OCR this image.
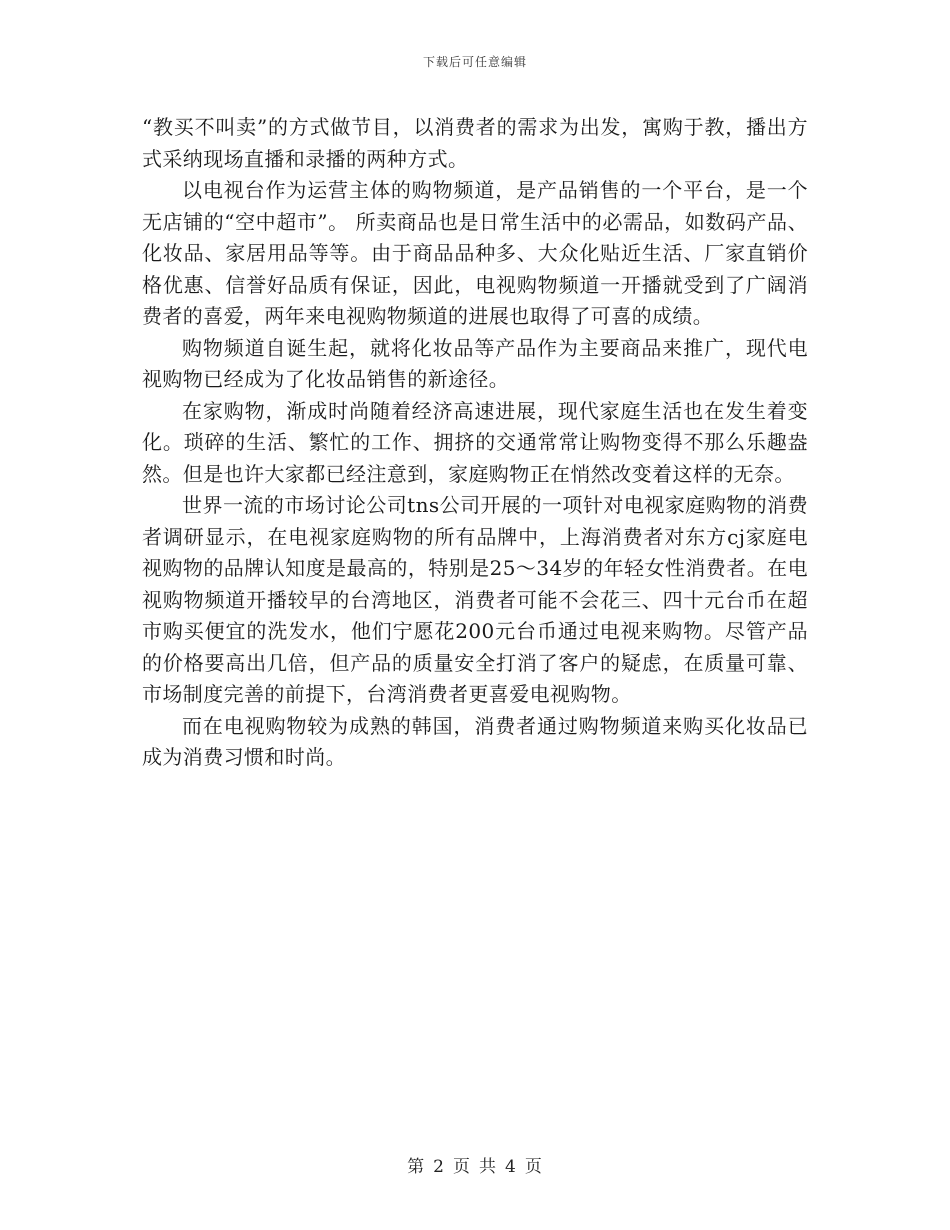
下载后可任意编辑

“教买不叫卖”的方式做节目，以消费者的需求为出发，寓购于教，播出方式采纳现场直播和录播的两种方式。

以电视台作为运营主体的购物频道，是产品销售的一个平台，是一个无店铺的“空中超市”。 所卖商品也是日常生活中的必需品，如数码产品、化妆品、家居用品等等。由于商品品种多、大众化贴近生活、厂家直销价格优惠、信誉好品质有保证，因此，电视购物频道一开播就受到了广阔消费者的喜爱，两年来电视购物频道的进展也取得了可喜的成绩。

购物频道自诞生起，就将化妆品等产品作为主要商品来推广，现代电视购物已经成为了化妆品销售的新途径。

在家购物，渐成时尚随着经济高速进展，现代家庭生活也在发生着变化。琐碎的生活、繁忙的工作、拥挤的交通常常让购物变得不那么乐趣盎然。但是也许大家都已经注意到，家庭购物正在悄然改变着这样的无奈。

世界一流的市场讨论公司tns公司开展的一项针对电视家庭购物的消费者调研显示，在电视家庭购物的所有品牌中，上海消费者对东方cj家庭电视购物的品牌认知度是最高的，特别是25～34岁的年轻女性消费者。在电视购物频道开播较早的台湾地区，消费者可能不会花三、四十元台币在超市购买便宜的洗发水，他们宁愿花200元台币通过电视来购物。尽管产品的价格要高出几倍，但产品的质量安全打消了客户的疑虑，在质量可靠、市场制度完善的前提下，台湾消费者更喜爱电视购物。

而在电视购物较为成熟的韩国，消费者通过购物频道来购买化妆品已成为消费习惯和时尚。

第 2 页 共 4 页
